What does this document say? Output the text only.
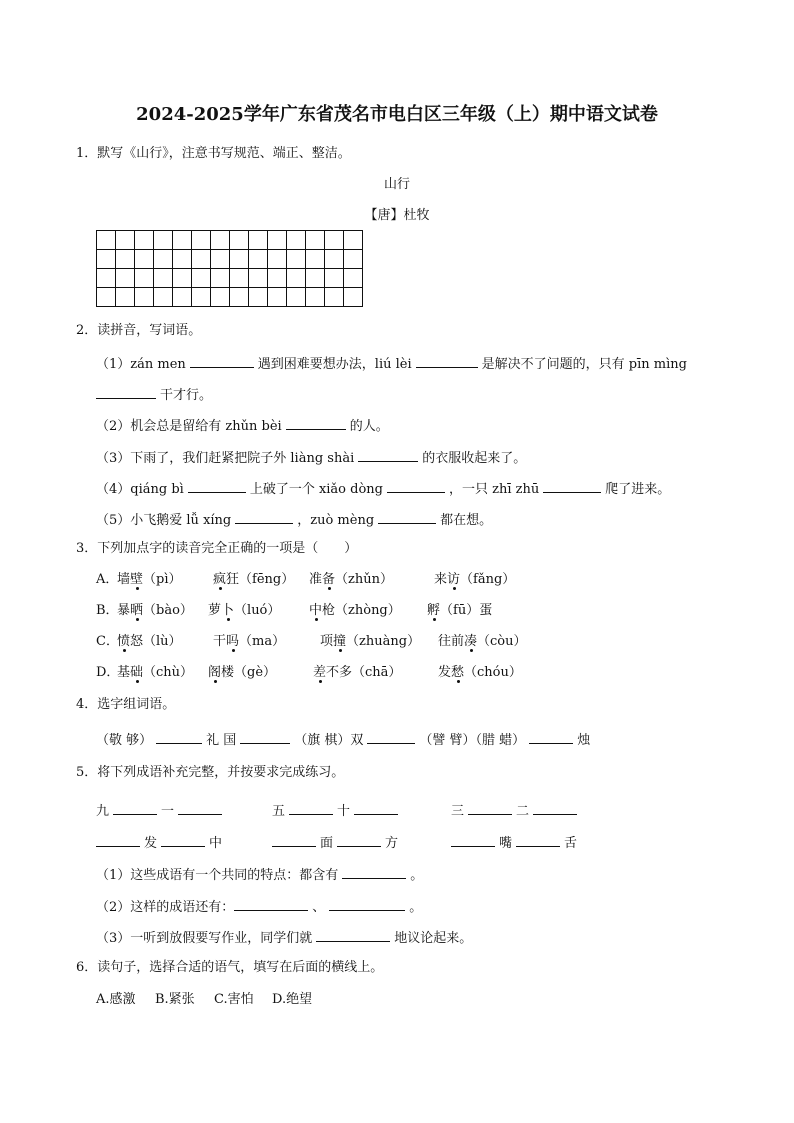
2024-2025学年广东省茂名市电白区三年级（上）期中语文试卷
1．默写《山行》，注意书写规范、端正、整洁。
山行
【唐】杜牧

2．读拼音，写词语。
（1）zán men	遇到困难要想办法，liú lèi	是解决不了问题的，只有 pīn mìng
干才行。
（2）机会总是留给有 zhǔn bèi	的人。
（3）下雨了，我们赶紧把院子外 liàng shài	的衣服收起来了。
（4）qiáng bì	上破了一个 xiǎo dòng	，一只 zhī zhū	爬了进来。
（5）小飞鹅爱 lǚ xíng	，zuò mèng	都在想。
3．下列加点字的读音完全正确的一项是（　　）
A．
墙壁（pì） 疯狂（fēng） 准备（zhǔn）	来访（fǎng）
B．
暴晒（bào） 萝卜（luó） 中枪（zhòng） 孵（fū）蛋
C．
愤怒（lù） 干吗（ma）	项撞（zhuàng） 往前凑（còu）
D．
基础（chù） 阁楼（gè）	差不多（chā）	发愁（chóu）
4．选字组词语。
（敬 够）	礼 国	（旗 棋）双	（譬 臂）（腊 蜡）	烛
5．将下列成语补充完整，并按要求完成练习。
九	一	五	十	三	二
发	中	面	方	嘴	舌
（1）这些成语有一个共同的特点：都含有	。
（2）这样的成语还有：	、	。
（3）一听到放假要写作业，同学们就	地议论起来。
6．读句子，选择合适的语气，填写在后面的横线上。
A.感激 B.紧张 C.害怕 D.绝望
